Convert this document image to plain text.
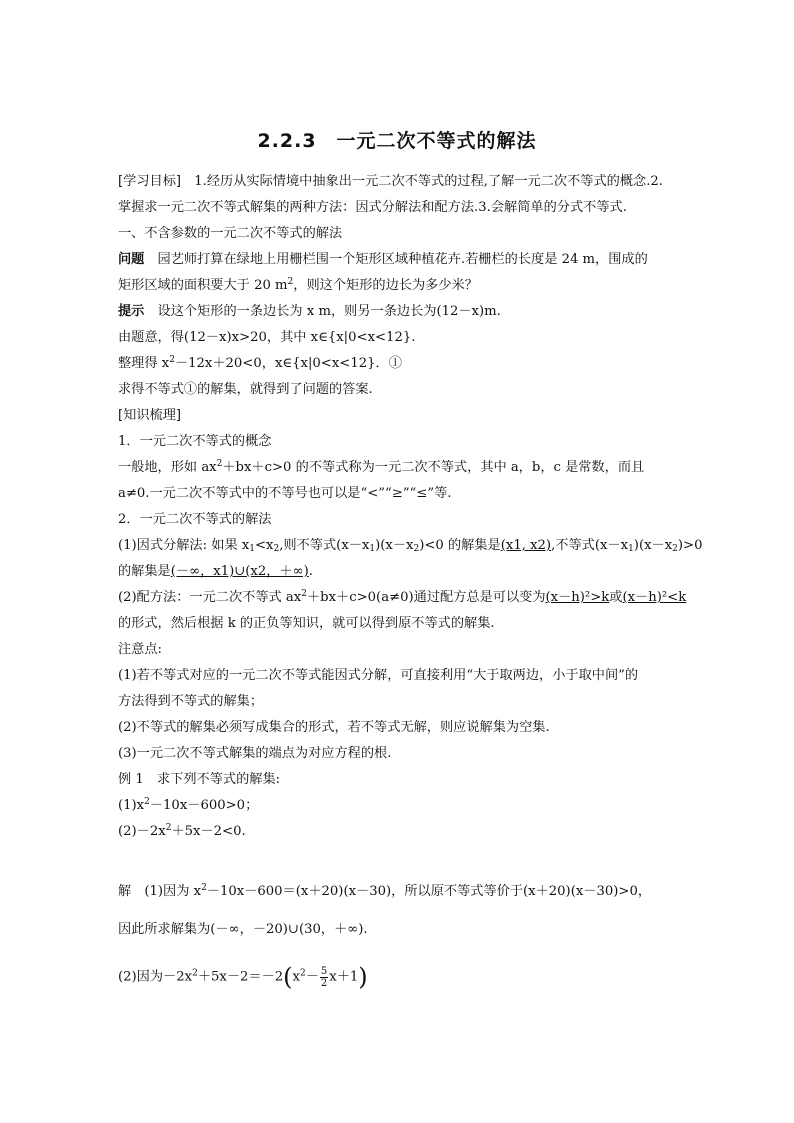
2.2.3　一元二次不等式的解法
[学习目标]　1.经历从实际情境中抽象出一元二次不等式的过程,了解一元二次不等式的概念.2.
掌握求一元二次不等式解集的两种方法：因式分解法和配方法.3.会解简单的分式不等式.
一、不含参数的一元二次不等式的解法
问题　园艺师打算在绿地上用栅栏围一个矩形区域种植花卉.若栅栏的长度是 24 m，围成的
矩形区域的面积要大于 20 $m^2$，则这个矩形的边长为多少米？
提示　设这个矩形的一条边长为 x m，则另一条边长为(12－x)m.
由题意，得(12－x)x>20，其中 x∈{x|0<x<12}.
整理得 $x^2-12x+20<0$，x∈{x|0<x<12}．①
求得不等式①的解集，就得到了问题的答案.
[知识梳理]
1．一元二次不等式的概念
一般地，形如 $ax^2+bx+c>0$ 的不等式称为一元二次不等式，其中 a，b，c 是常数，而且
a≠0.一元二次不等式中的不等号也可以是“<”“≥”“≤”等.
2．一元二次不等式的解法
(1)因式分解法: 如果 $x_1<x_2$,则不等式$(x-x_1)(x-x_2)<0$ 的解集是(x1, x2),不等式$(x-x_1)(x-x_2)>0$
的解集是(－∞，x1)∪(x2，＋∞).
(2)配方法：一元二次不等式 $ax^2+bx+c>0(a\ne 0)$通过配方总是可以变为(x－h)²>k或(x－h)²<k
的形式，然后根据 k 的正负等知识，就可以得到原不等式的解集.
注意点:
(1)若不等式对应的一元二次不等式能因式分解，可直接利用“大于取两边，小于取中间”的
方法得到不等式的解集；
(2)不等式的解集必须写成集合的形式，若不等式无解，则应说解集为空集.
(3)一元二次不等式解集的端点为对应方程的根.
例 1　求下列不等式的解集:
$(1)x^2-10x-600>0$；
$(2)-2x^2+5x-2<0$.
解　(1)因为 $x^2-10x-600=(x+20)(x-30)$，所以原不等式等价于(x＋20)(x－30)>0，
因此所求解集为(－∞，－20)∪(30，＋∞).
(2)因为$-2x^2+5x-2=-2(x^2- \frac{5}{2} x+1)$
